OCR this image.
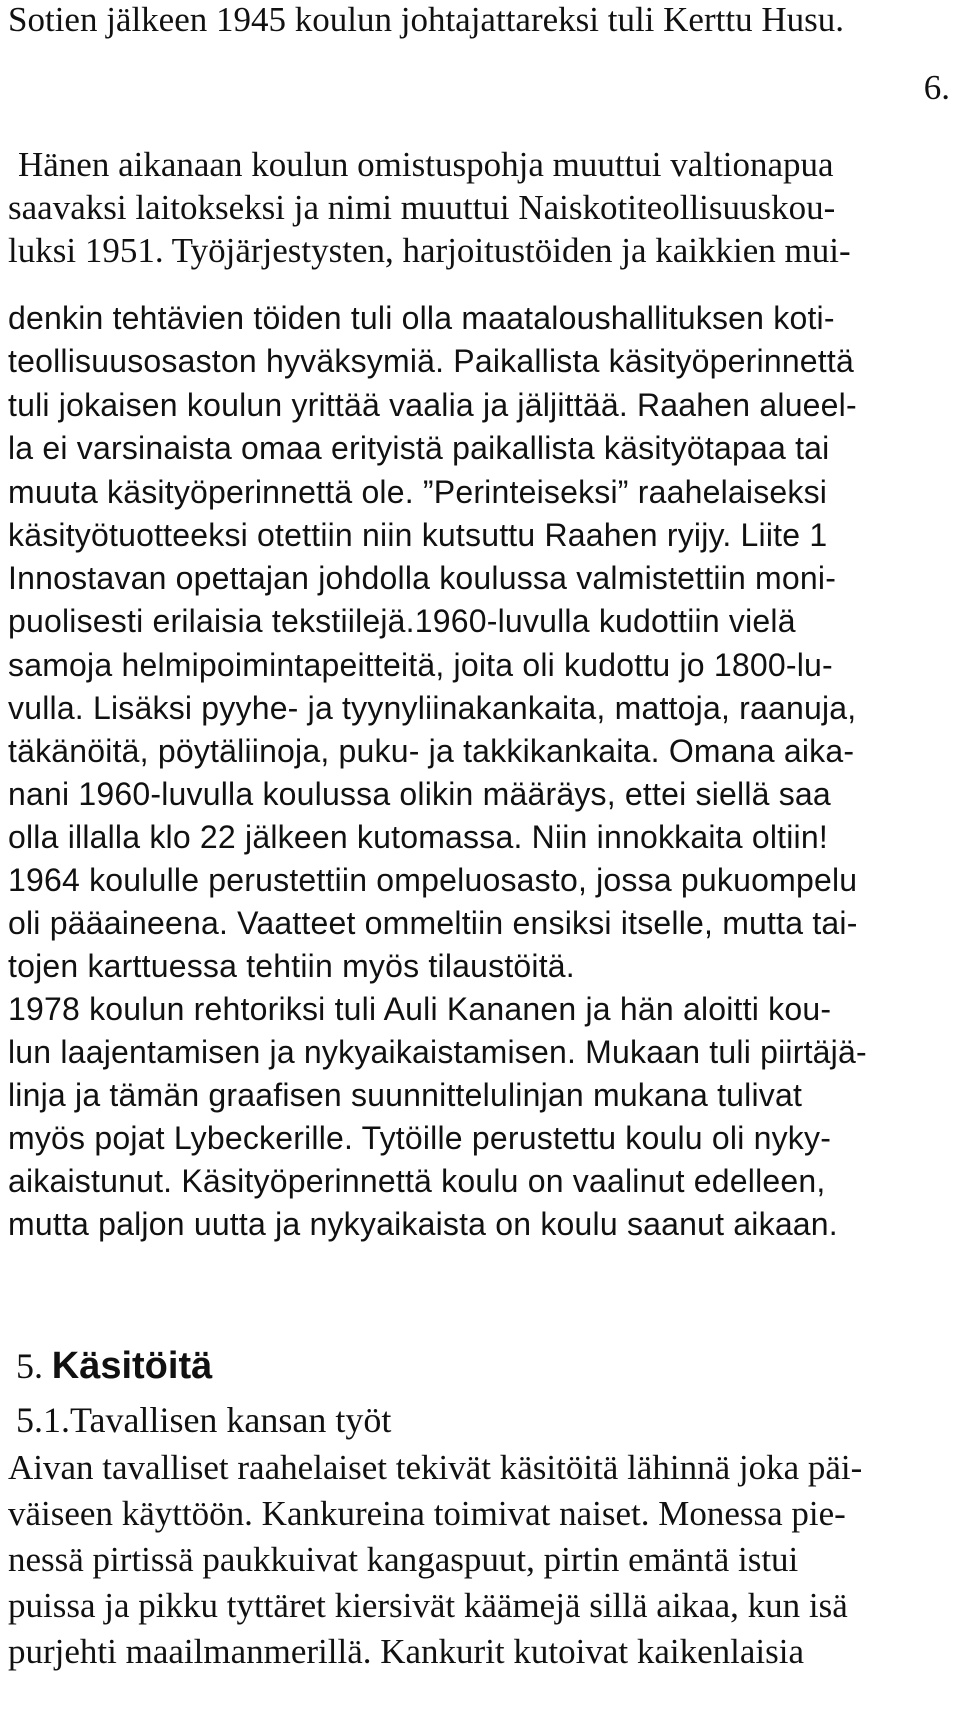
Sotien jälkeen 1945 koulun johtajattareksi tuli Kerttu Husu.
6.
Hänen aikanaan koulun omistuspohja muuttui valtionapua
saavaksi laitokseksi ja nimi muuttui Naiskotiteollisuuskou-
luksi 1951. Työjärjestysten, harjoitustöiden ja kaikkien mui-
denkin tehtävien töiden tuli olla maataloushallituksen koti-
teollisuusosaston hyväksymiä. Paikallista käsityöperinnettä
tuli jokaisen koulun yrittää vaalia ja jäljittää. Raahen alueel-
la ei varsinaista omaa erityistä paikallista käsityötapaa tai
muuta käsityöperinnettä ole. ”Perinteiseksi” raahelaiseksi
käsityötuotteeksi otettiin niin kutsuttu Raahen ryijy. Liite 1
Innostavan opettajan johdolla koulussa valmistettiin moni-
puolisesti erilaisia tekstiilejä.1960-luvulla kudottiin vielä
samoja helmipoimintapeitteitä, joita oli kudottu jo 1800-lu-
vulla. Lisäksi pyyhe- ja tyynyliinakankaita, mattoja, raanuja,
täkänöitä, pöytäliinoja, puku- ja takkikankaita. Omana aika-
nani 1960-luvulla koulussa olikin määräys, ettei siellä saa
olla illalla klo 22 jälkeen kutomassa. Niin innokkaita oltiin!
1964 koululle perustettiin ompeluosasto, jossa pukuompelu
oli pääaineena. Vaatteet ommeltiin ensiksi itselle, mutta tai-
tojen karttuessa tehtiin myös tilaustöitä.
1978 koulun rehtoriksi tuli Auli Kananen ja hän aloitti kou-
lun laajentamisen ja nykyaikaistamisen. Mukaan tuli piirtäjä-
linja ja tämän graafisen suunnittelulinjan mukana tulivat
myös pojat Lybeckerille. Tytöille perustettu koulu oli nyky-
aikaistunut. Käsityöperinnettä koulu on vaalinut edelleen,
mutta paljon uutta ja nykyaikaista on koulu saanut aikaan.
5. Käsitöitä
5.1.Tavallisen kansan työt
Aivan tavalliset raahelaiset tekivät käsitöitä lähinnä joka päi-
väiseen käyttöön. Kankureina toimivat naiset. Monessa pie-
nessä pirtissä paukkuivat kangaspuut, pirtin emäntä istui
puissa ja pikku tyttäret kiersivät käämejä sillä aikaa, kun isä
purjehti maailmanmerillä. Kankurit kutoivat kaikenlaisia
